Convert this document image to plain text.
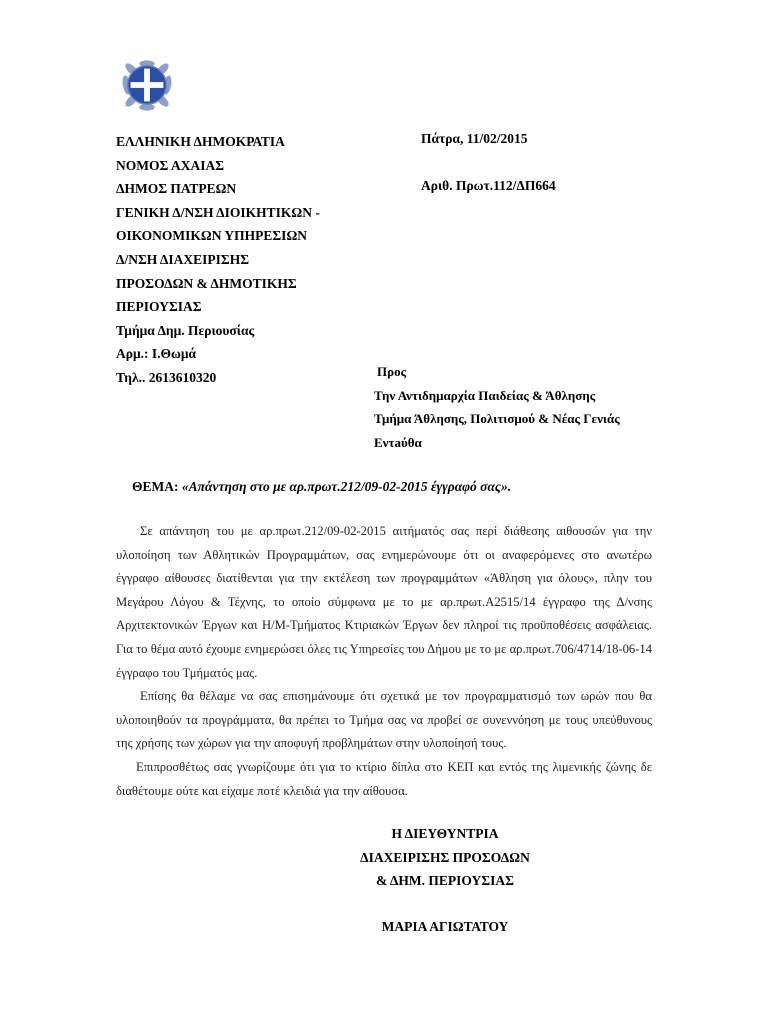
ΕΛΛΗΝΙΚΗ ΔΗΜΟΚΡΑΤΙΑ
ΝΟΜΟΣ ΑΧΑΙΑΣ
ΔΗΜΟΣ ΠΑΤΡΕΩΝ
ΓΕΝΙΚΗ Δ/ΝΣΗ ΔΙΟΙΚΗΤΙΚΩΝ -
ΟΙΚΟΝΟΜΙΚΩΝ ΥΠΗΡΕΣΙΩΝ
Δ/ΝΣΗ ΔΙΑΧΕΙΡΙΣΗΣ
ΠΡΟΣΟΔΩΝ & ΔΗΜΟΤΙΚΗΣ
ΠΕΡΙΟΥΣΙΑΣ
Τμήμα Δημ. Περιουσίας
Αρμ.: Ι.Θωμά
Τηλ.. 2613610320
Πάτρα, 11/02/2015
Αριθ. Πρωτ.112/ΔΠ664
Προς
Την Αντιδημαρχία Παιδείας & Άθλησης
Τμήμα Άθλησης, Πολιτισμού & Νέας Γενιάς
Εντaύθα
ΘΕΜΑ: «Απάντηση στο με αρ.πρωτ.212/09-02-2015 έγγραφό σας».

Σε απάντηση του με αρ.πρωτ.212/09-02-2015 αιτήματός σας περί διάθεσης αιθουσών για την υλοποίηση των Αθλητικών Προγραμμάτων, σας ενημερώνουμε ότι οι αναφερόμενες στο ανωτέρω έγγραφο αίθουσες διατίθενται για την εκτέλεση των προγραμμάτων «Άθληση για όλους», πλην του Μεγάρου Λόγου & Τέχνης, το οποίο σύμφωνα με το με αρ.πρωτ.Α2515/14 έγγραφο της Δ/νσης Αρχιτεκτονικών Έργων και Η/Μ-Τμήματος Κτιριακών Έργων δεν πληροί τις προϋποθέσεις ασφάλειας. Για το θέμα αυτό έχουμε ενημερώσει όλες τις Υπηρεσίες του Δήμου με το με αρ.πρωτ.706/4714/18-06-14 έγγραφο του Τμήματός μας.

Επίσης θα θέλαμε να σας επισημάνουμε ότι σχετικά με τον προγραμματισμό των ωρών που θα υλοποιηθούν τα προγράμματα, θα πρέπει το Τμήμα σας να προβεί σε συνεννόηση με τους υπεύθυνους της χρήσης των χώρων για την αποφυγή προβλημάτων στην υλοποίησή τους.

Επιπροσθέτως σας γνωρίζουμε ότι για το κτίριο δίπλα στο ΚΕΠ και εντός της λιμενικής ζώνης δε διαθέτουμε ούτε και είχαμε ποτέ κλειδιά για την αίθουσα.

Η ΔΙΕΥΘΥΝΤΡΙΑ
ΔΙΑΧΕΙΡΙΣΗΣ ΠΡΟΣΟΔΩΝ
& ΔΗΜ. ΠΕΡΙΟΥΣΙΑΣ
ΜΑΡΙΑ ΑΓΙΩΤΑΤΟΥ
